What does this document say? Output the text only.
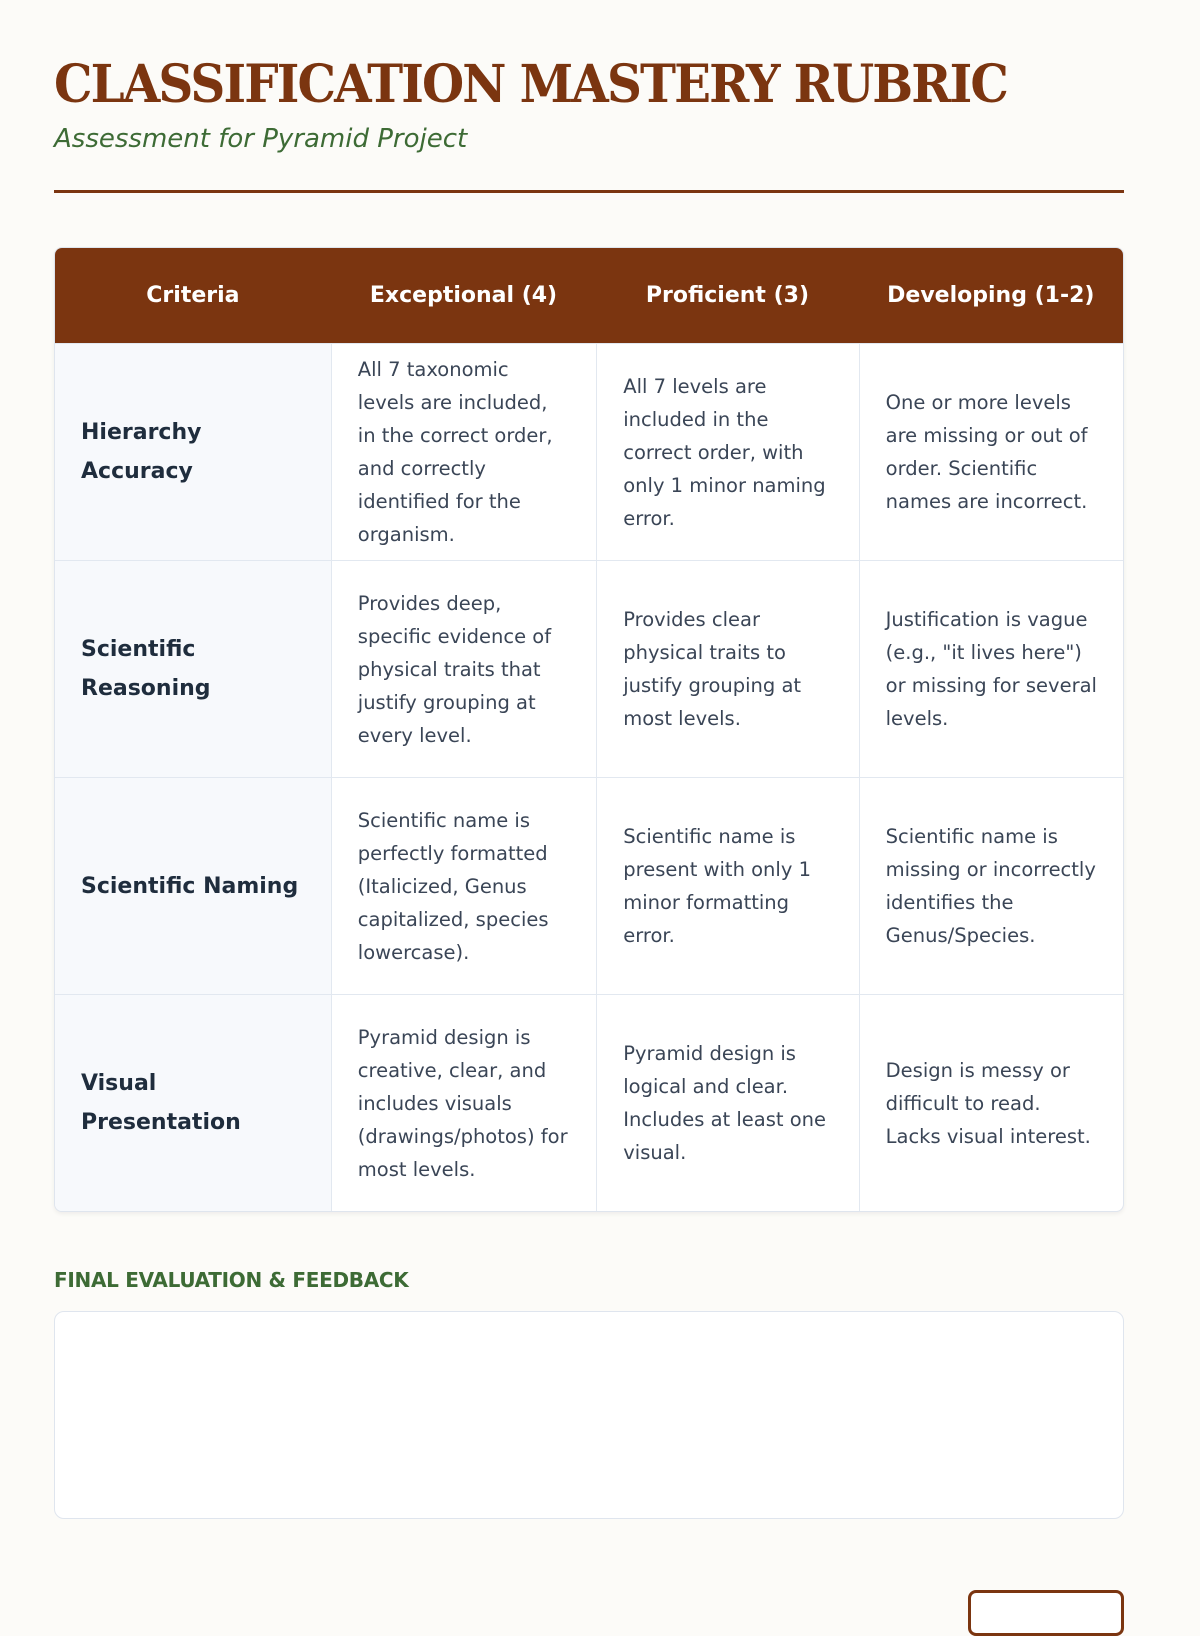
CLASSIFICATION MASTERY RUBRIC
Assessment for Pyramid Project
Criteria	Exceptional (4)	Proficient (3)	Developing (1-2)
Hierarchy Accuracy	All 7 taxonomic levels are included, in the correct order, and correctly identified for the organism.	All 7 levels are included in the correct order, with only 1 minor naming error.	One or more levels are missing or out of order. Scientific names are incorrect.
Scientific Reasoning	Provides deep, specific evidence of physical traits that justify grouping at every level.	Provides clear physical traits to justify grouping at most levels.	Justification is vague (e.g., "it lives here") or missing for several levels.
Scientific Naming	Scientific name is perfectly formatted (Italicized, Genus capitalized, species lowercase).	Scientific name is present with only 1 minor formatting error.	Scientific name is missing or incorrectly identifies the Genus/Species.
Visual Presentation	Pyramid design is creative, clear, and includes visuals (drawings/photos) for most levels.	Pyramid design is logical and clear. Includes at least one visual.	Design is messy or difficult to read. Lacks visual interest.
FINAL EVALUATION & FEEDBACK
